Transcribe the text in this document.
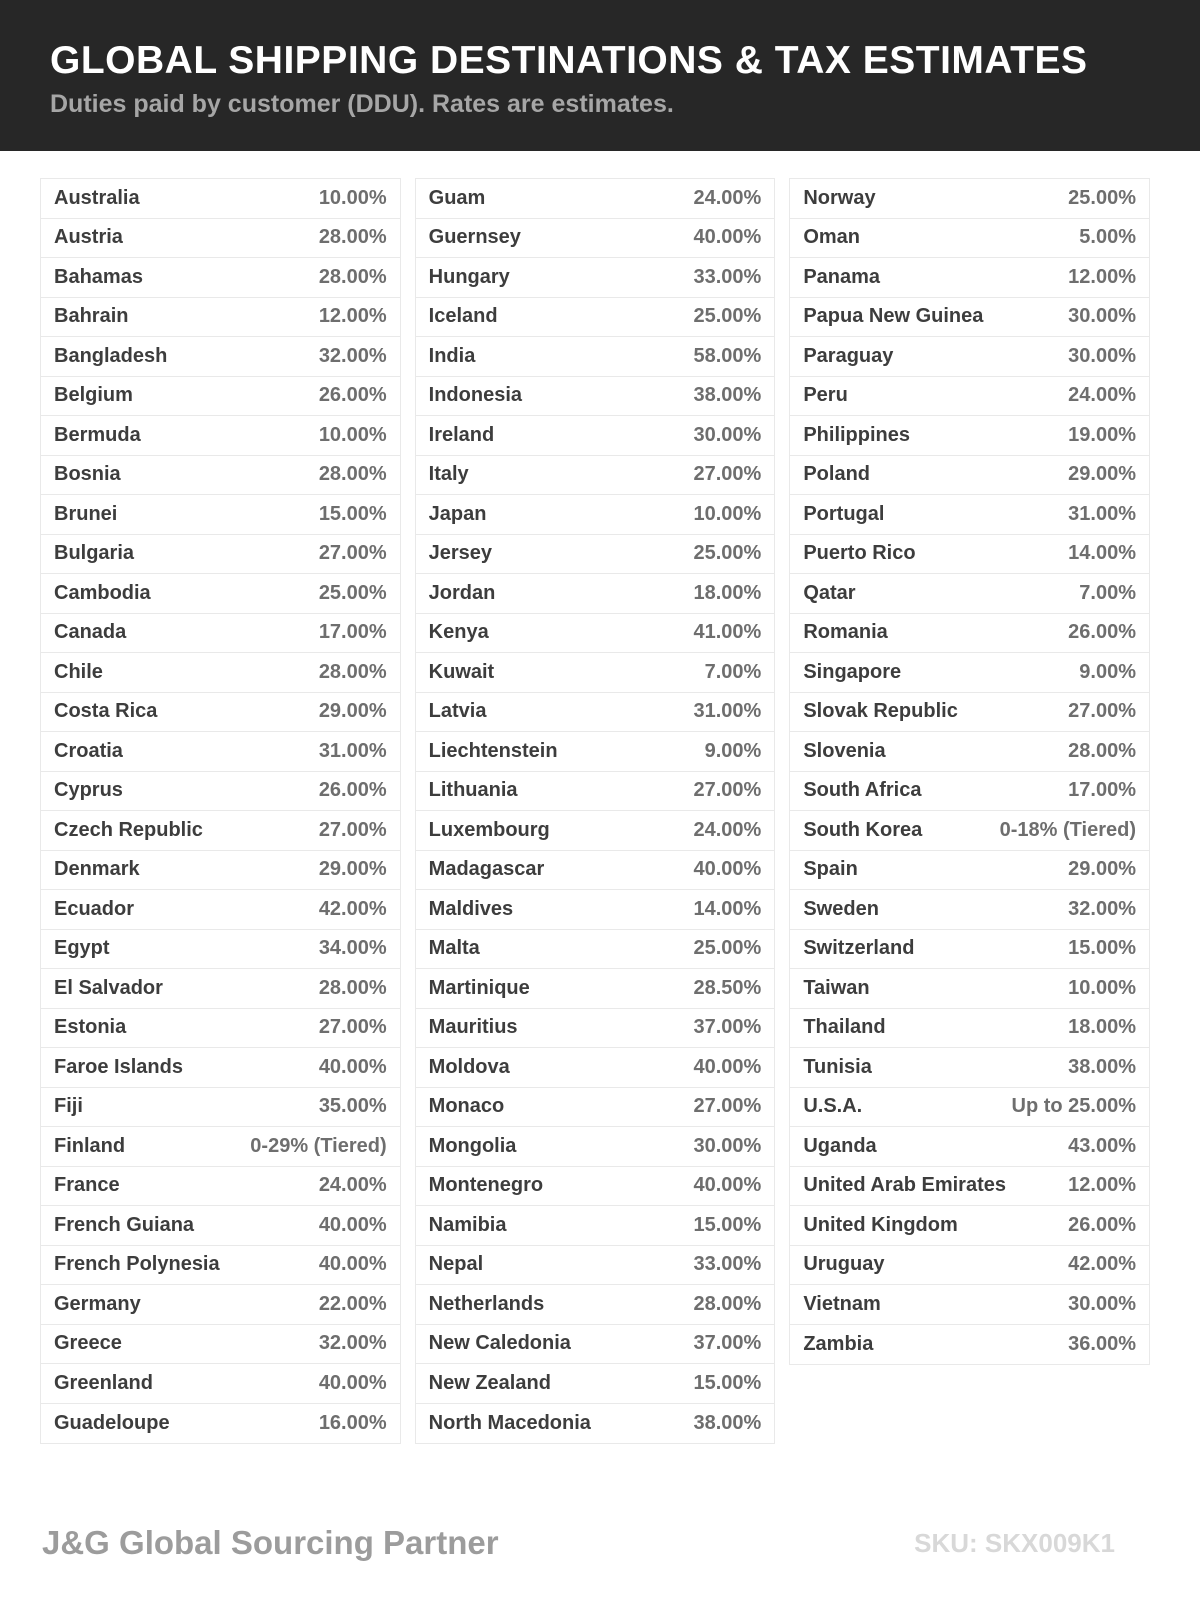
GLOBAL SHIPPING DESTINATIONS & TAX ESTIMATES
Duties paid by customer (DDU). Rates are estimates.
Australia	10.00%
Austria	28.00%
Bahamas	28.00%
Bahrain	12.00%
Bangladesh	32.00%
Belgium	26.00%
Bermuda	10.00%
Bosnia	28.00%
Brunei	15.00%
Bulgaria	27.00%
Cambodia	25.00%
Canada	17.00%
Chile	28.00%
Costa Rica	29.00%
Croatia	31.00%
Cyprus	26.00%
Czech Republic	27.00%
Denmark	29.00%
Ecuador	42.00%
Egypt	34.00%
El Salvador	28.00%
Estonia	27.00%
Faroe Islands	40.00%
Fiji	35.00%
Finland	0-29% (Tiered)
France	24.00%
French Guiana	40.00%
French Polynesia	40.00%
Germany	22.00%
Greece	32.00%
Greenland	40.00%
Guadeloupe	16.00%
Guam	24.00%
Guernsey	40.00%
Hungary	33.00%
Iceland	25.00%
India	58.00%
Indonesia	38.00%
Ireland	30.00%
Italy	27.00%
Japan	10.00%
Jersey	25.00%
Jordan	18.00%
Kenya	41.00%
Kuwait	7.00%
Latvia	31.00%
Liechtenstein	9.00%
Lithuania	27.00%
Luxembourg	24.00%
Madagascar	40.00%
Maldives	14.00%
Malta	25.00%
Martinique	28.50%
Mauritius	37.00%
Moldova	40.00%
Monaco	27.00%
Mongolia	30.00%
Montenegro	40.00%
Namibia	15.00%
Nepal	33.00%
Netherlands	28.00%
New Caledonia	37.00%
New Zealand	15.00%
North Macedonia	38.00%
Norway	25.00%
Oman	5.00%
Panama	12.00%
Papua New Guinea	30.00%
Paraguay	30.00%
Peru	24.00%
Philippines	19.00%
Poland	29.00%
Portugal	31.00%
Puerto Rico	14.00%
Qatar	7.00%
Romania	26.00%
Singapore	9.00%
Slovak Republic	27.00%
Slovenia	28.00%
South Africa	17.00%
South Korea	0-18% (Tiered)
Spain	29.00%
Sweden	32.00%
Switzerland	15.00%
Taiwan	10.00%
Thailand	18.00%
Tunisia	38.00%
U.S.A.	Up to 25.00%
Uganda	43.00%
United Arab Emirates	12.00%
United Kingdom	26.00%
Uruguay	42.00%
Vietnam	30.00%
Zambia	36.00%
J&G Global Sourcing Partner	SKU: SKX009K1
